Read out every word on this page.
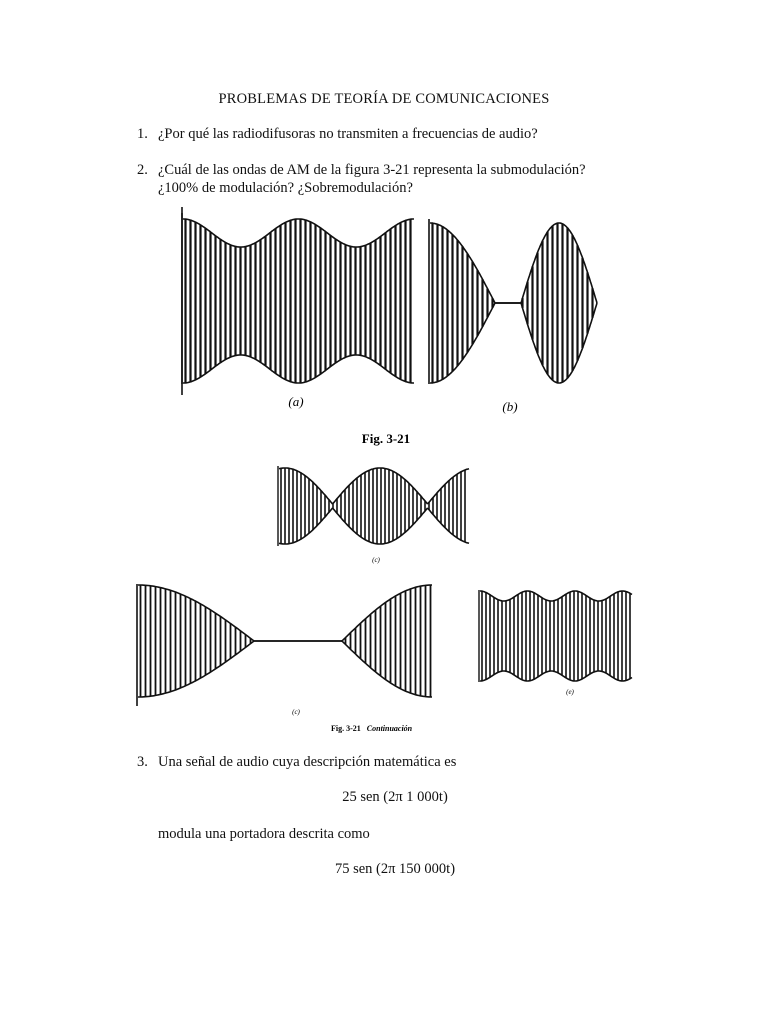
PROBLEMAS DE TEORÍA DE COMUNICACIONES
1. ¿Por qué las radiodifusoras no transmiten a frecuencias de audio?
2. ¿Cuál de las ondas de AM de la figura 3-21 representa la submodulación?
¿100% de modulación? ¿Sobremodulación?
(a)	(b)
Fig. 3-21
(c)
(c)
(e)
Fig. 3-21 Continuación
3. Una señal de audio cuya descripción matemática es
25 sen (2π 1 000t)
modula una portadora descrita como
75 sen (2π 150 000t)
